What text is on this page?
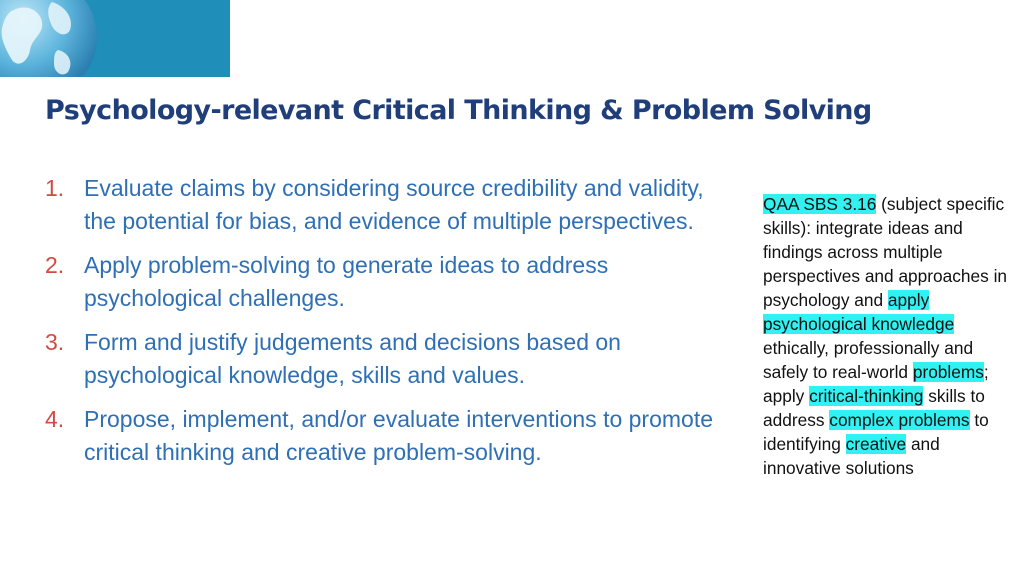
Psychology-relevant Critical Thinking & Problem Solving
1. Evaluate claims by considering source credibility and validity, the potential for bias, and evidence of multiple perspectives.
2. Apply problem-solving to generate ideas to address psychological challenges.
3. Form and justify judgements and decisions based on psychological knowledge, skills and values.
4. Propose, implement, and/or evaluate interventions to promote critical thinking and creative problem-solving.
QAA SBS 3.16 (subject specific skills): integrate ideas and findings across multiple perspectives and approaches in psychology and apply psychological knowledge ethically, professionally and safely to real-world problems; apply critical-thinking skills to address complex problems to identifying creative and innovative solutions
